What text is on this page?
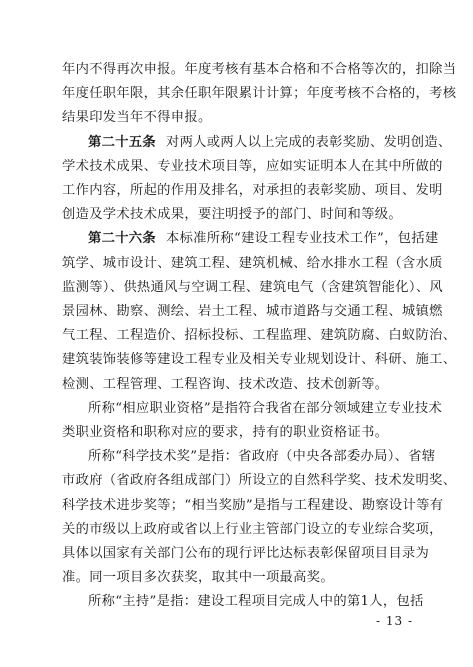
年内不得再次申报。年度考核有基本合格和不合格等次的，扣除当
年度任职年限，其余任职年限累计计算；年度考核不合格的，考核
结果印发当年不得申报。
第二十五条 对两人或两人以上完成的表彰奖励、发明创造、
学术技术成果、专业技术项目等，应如实证明本人在其中所做的
工作内容，所起的作用及排名，对承担的表彰奖励、项目、发明
创造及学术技术成果，要注明授予的部门、时间和等级。
第二十六条 本标准所称“建设工程专业技术工作”，包括建
筑学、城市设计、建筑工程、建筑机械、给水排水工程（含水质
监测等）、供热通风与空调工程、建筑电气（含建筑智能化）、风
景园林、勘察、测绘、岩土工程、城市道路与交通工程、城镇燃
气工程、工程造价、招标投标、工程监理、建筑防腐、白蚁防治、
建筑装饰装修等建设工程专业及相关专业规划设计、科研、施工、
检测、工程管理、工程咨询、技术改造、技术创新等。
所称“相应职业资格”是指符合我省在部分领域建立专业技术
类职业资格和职称对应的要求，持有的职业资格证书。
所称“科学技术奖”是指：省政府（中央各部委办局）、省辖
市政府（省政府各组成部门）所设立的自然科学奖、技术发明奖、
科学技术进步奖等；“相当奖励”是指与工程建设、勘察设计等有
关的市级以上政府或省以上行业主管部门设立的专业综合奖项，
具体以国家有关部门公布的现行评比达标表彰保留项目目录为
准。同一项目多次获奖，取其中一项最高奖。
所称“主持”是指：建设工程项目完成人中的第1人，包括
- 13 -
